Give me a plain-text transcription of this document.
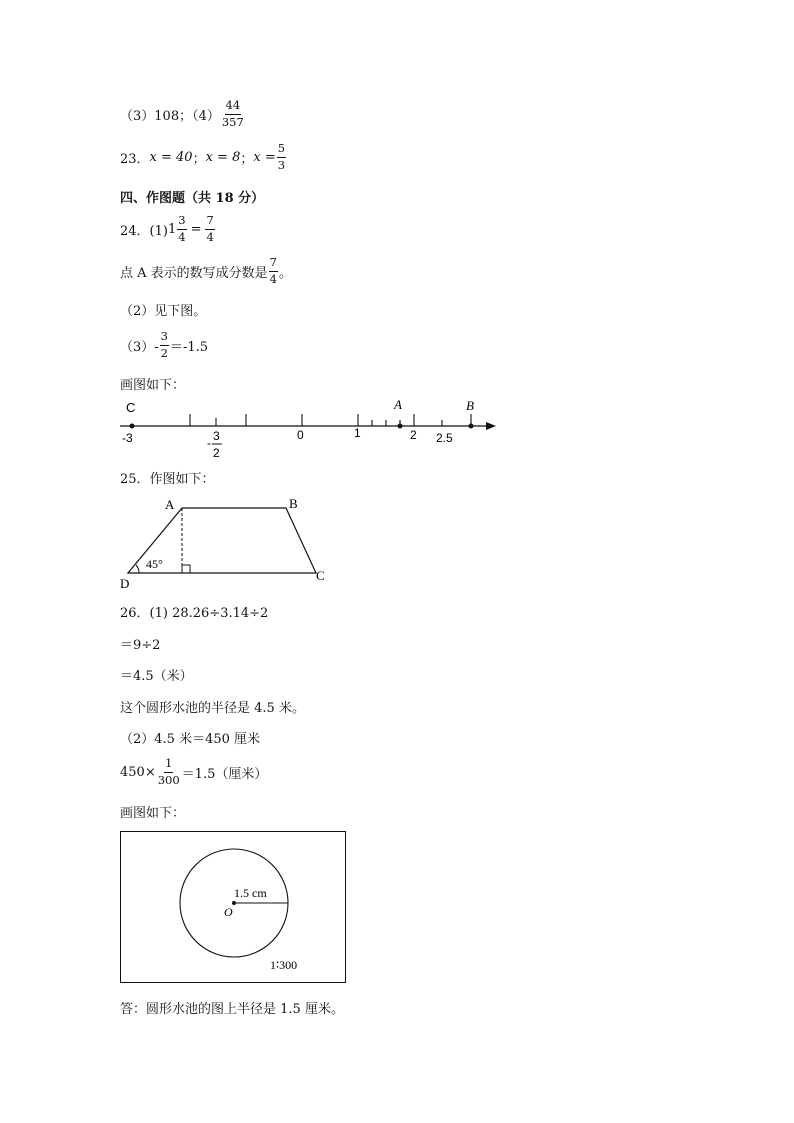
（3）108；$(4) \frac{44}{357}$
23． x = 40 ； x = 8 ； $x = \frac{5}{3}$
四、作图题（共 18 分）
24．(1) $1 \frac{3}{4} = \frac{7}{4}$
点 A 表示的数写成分数是 $\frac{7}{4}$ 。
（2）见下图。
$(3)- \frac{3}{2} =-1.5$
画图如下：
C	A	B
-3	0	1	2 2.5
- 3
2
25．作图如下：
A	B
C
D
45°
26．(1) 28.26÷3.14÷2
＝9÷2
＝4.5（米）
这个圆形水池的半径是 4.5 米。
（2）4.5 米＝450 厘米
$450\times \frac{1}{300} =1.5$（厘米）
画图如下：
1.5 cm
O
1∶300
答：圆形水池的图上半径是 1.5 厘米。
